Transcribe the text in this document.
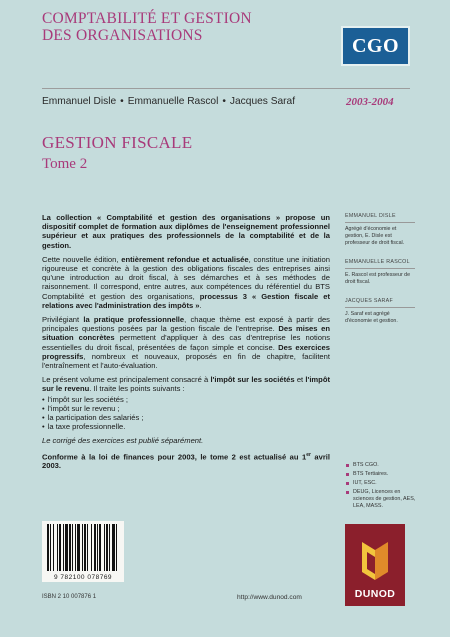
COMPTABILITÉ ET GESTION
DES ORGANISATIONS	CGO
Emmanuel Disle • Emmanuelle Rascol • Jacques Saraf	2003-2004
GESTION FISCALE
Tome 2

La collection « Comptabilité et gestion des organisations » propose un dispositif complet de formation aux diplômes de l'enseignement professionnel supérieur et aux pratiques des professionnels de la comptabilité et de la gestion.

Cette nouvelle édition, entièrement refondue et actualisée, constitue une initiation rigoureuse et concrète à la gestion des obligations fiscales des entreprises ainsi qu'une introduction au droit fiscal, à ses démarches et à ses méthodes de raisonnement. Il correspond, entre autres, aux compétences du référentiel du BTS Comptabilité et gestion des organisations, processus 3 « Gestion fiscale et relations avec l'administration des impôts ».

Privilégiant la pratique professionnelle, chaque thème est exposé à partir des principales questions posées par la gestion fiscale de l'entreprise. Des mises en situation concrètes permettent d'appliquer à des cas d'entreprise les notions essentielles du droit fiscal, présentées de façon simple et concise. Des exercices progressifs, nombreux et nouveaux, proposés en fin de chapitre, facilitent l'entraînement et l'auto-évaluation.

Le présent volume est principalement consacré à l'impôt sur les sociétés et l'impôt sur le revenu. Il traite les points suivants :

• l'impôt sur les sociétés ;
• l'impôt sur le revenu ;
• la participation des salariés ;
• la taxe professionnelle.

Le corrigé des exercices est publié séparément.

Conforme à la loi de finances pour 2003, le tome 2 est actualisé au 1er avril 2003.

EMMANUEL DISLE
Agrégé d'économie et gestion, E. Disle est professeur de droit fiscal.
EMMANUELLE RASCOL
E. Rascol est professeur de droit fiscal.
JACQUES SARAF
J. Saraf est agrégé d'économie et gestion.
BTS CGO.
BTS Tertiaires.
IUT, ESC.
DEUG, Licences en sciences de gestion, AES, LEA, MASS.
9 782100 078769
ISBN 2 10 007876 1	http://www.dunod.com	DUNOD
